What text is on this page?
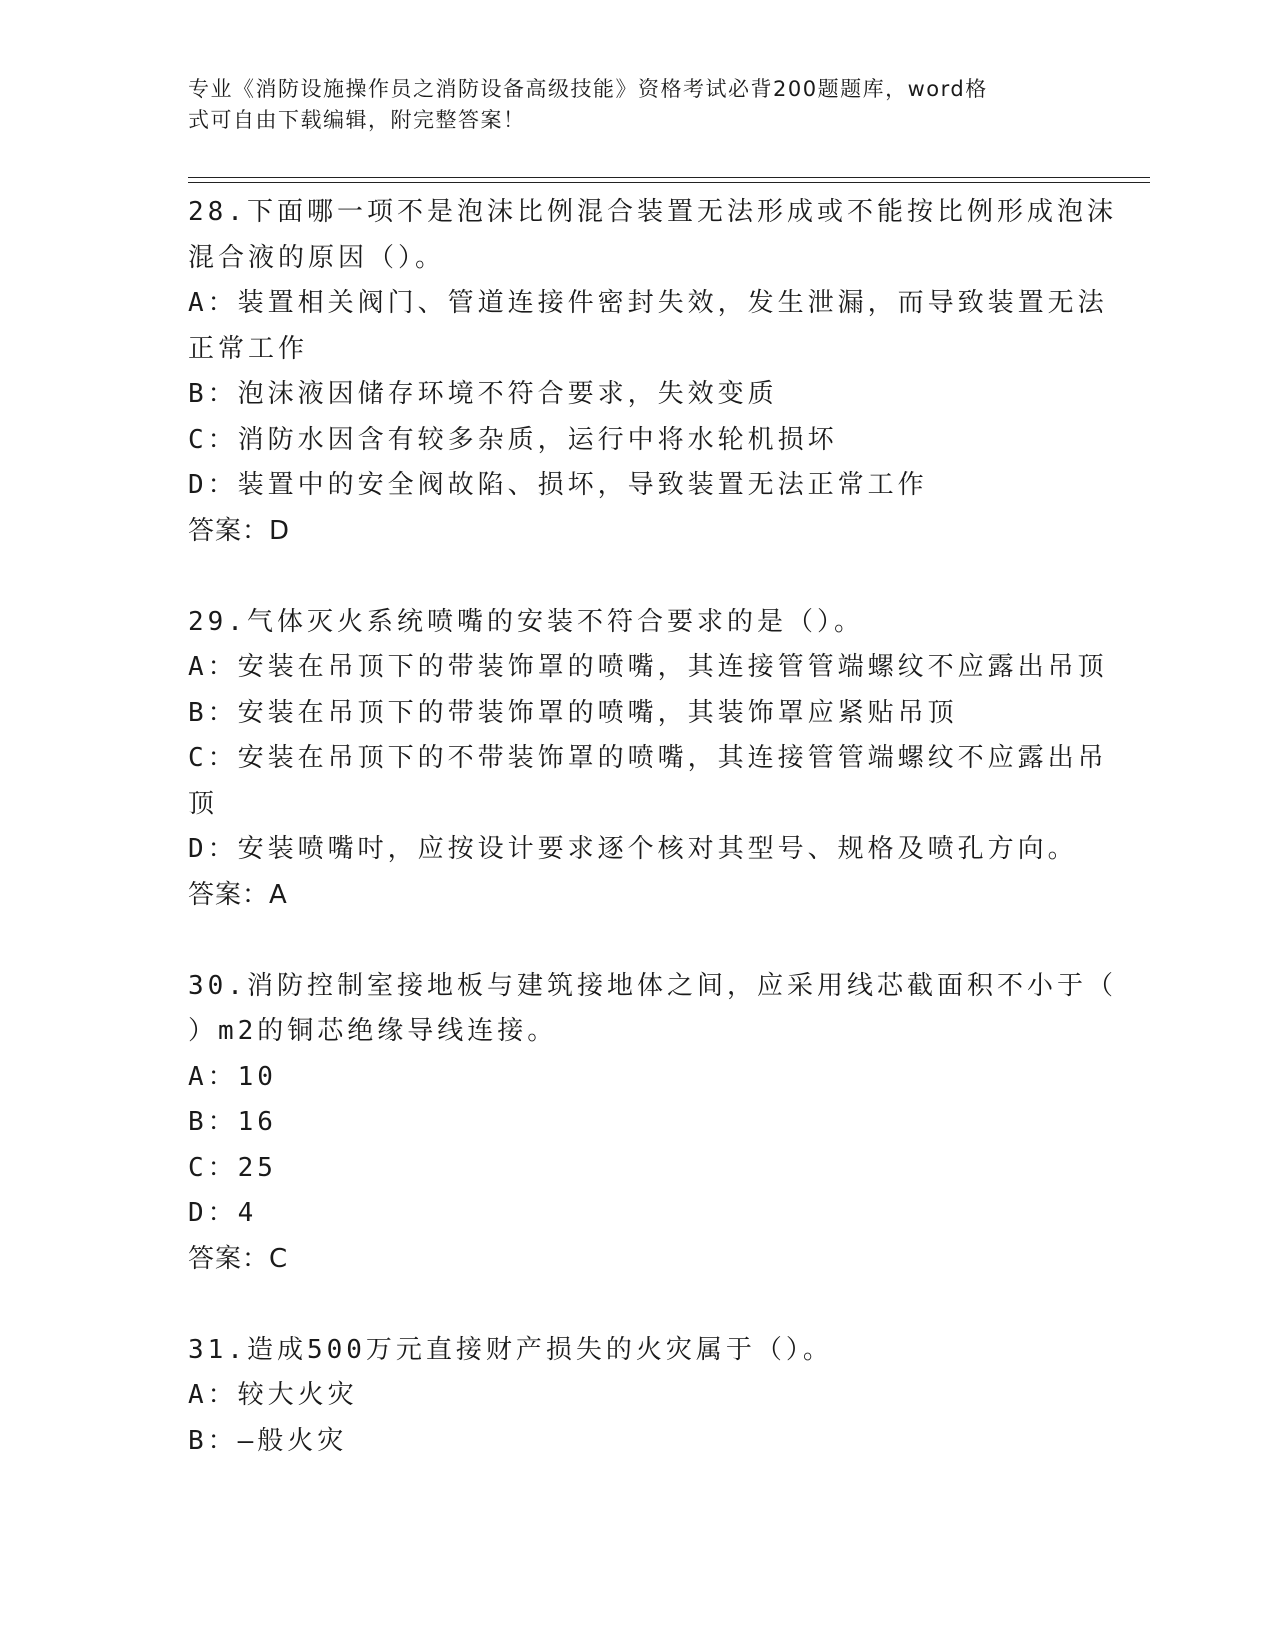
专业《消防设施操作员之消防设备高级技能》资格考试必背200题题库，word格
式可自由下载编辑，附完整答案！
28.下面哪一项不是泡沫比例混合装置无法形成或不能按比例形成泡沫
混合液的原因（）。
A：装置相关阀门、管道连接件密封失效，发生泄漏，而导致装置无法
正常工作
B：泡沫液因储存环境不符合要求，失效变质
C：消防水因含有较多杂质，运行中将水轮机损坏
D：装置中的安全阀故陷、损坏，导致装置无法正常工作
答案：D
29.气体灭火系统喷嘴的安装不符合要求的是（）。
A：安装在吊顶下的带装饰罩的喷嘴，其连接管管端螺纹不应露出吊顶
B：安装在吊顶下的带装饰罩的喷嘴，其装饰罩应紧贴吊顶
C：安装在吊顶下的不带装饰罩的喷嘴，其连接管管端螺纹不应露出吊
顶
D：安装喷嘴吋，应按设计要求逐个核对其型号、规格及喷孔方向。
答案：A
30.消防控制室接地板与建筑接地体之间，应采用线芯截面积不小于（
）m2的铜芯绝缘导线连接。
A：10
B：16
C：25
D：4
答案：C
31.造成500万元直接财产损失的火灾属于（）。
A：较大火灾
B：—般火灾
